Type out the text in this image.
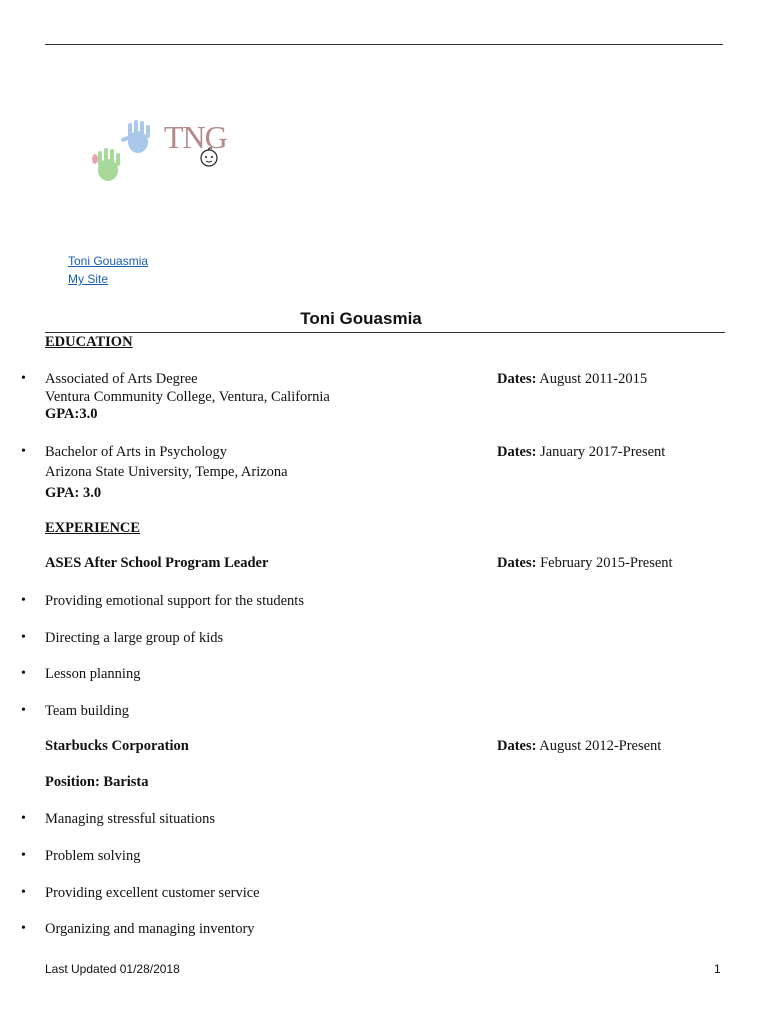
TNG
Toni Gouasmia
My Site
Toni Gouasmia
EDUCATION
• Associated of Arts Degree
Ventura Community College, Ventura, California
GPA:3.0
Dates: August 2011-2015
• Bachelor of Arts in Psychology
Arizona State University, Tempe, Arizona
GPA: 3.0
Dates: January 2017-Present
EXPERIENCE
ASES After School Program Leader	Dates: February 2015-Present
• Providing emotional support for the students
• Directing a large group of kids
• Lesson planning
• Team building
Starbucks Corporation	Dates: August 2012-Present
Position: Barista
• Managing stressful situations
• Problem solving
• Providing excellent customer service
• Organizing and managing inventory
Last Updated 01/28/2018	1
